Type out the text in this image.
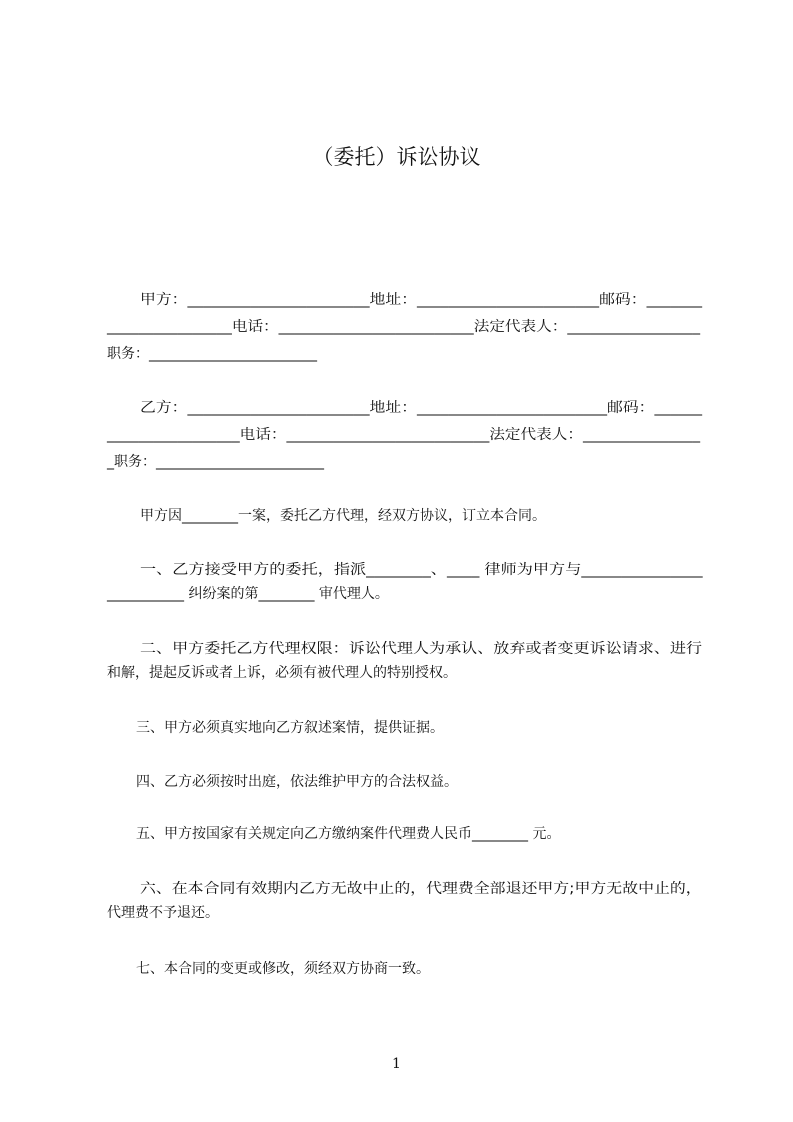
（委托）诉讼协议
甲方：_______________________地址：_______________________邮码：_______
________________电话：_________________________法定代表人：_________________
职务：________________________
乙方：_______________________地址：________________________邮码：______
_________________电话：__________________________法定代表人：_______________
_职务：________________________
甲方因________一案，委托乙方代理，经双方协议，订立本合同。
一、乙方接受甲方的委托，指派________、____ 律师为甲方与_______________
___________ 纠纷案的第________ 审代理人。
二、甲方委托乙方代理权限：诉讼代理人为承认、放弃或者变更诉讼请求、进行
和解，提起反诉或者上诉，必须有被代理人的特别授权。
三、甲方必须真实地向乙方叙述案情，提供证据。
四、乙方必须按时出庭，依法维护甲方的合法权益。
五、甲方按国家有关规定向乙方缴纳案件代理费人民币________ 元。
六、在本合同有效期内乙方无故中止的，代理费全部退还甲方;甲方无故中止的，
代理费不予退还。
七、本合同的变更或修改，须经双方协商一致。
1
